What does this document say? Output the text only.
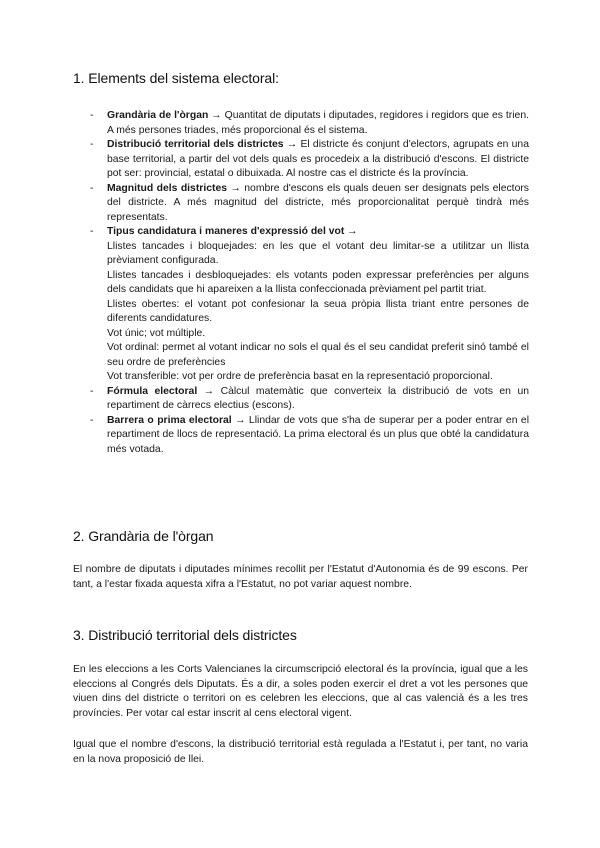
1. Elements del sistema electoral:
- Grandària de l'òrgan → Quantitat de diputats i diputades, regidores i regidors que es trien. A més persones triades, més proporcional és el sistema.
- Distribució territorial dels districtes → El districte és conjunt d'electors, agrupats en una base territorial, a partir del vot dels quals es procedeix a la distribució d'escons. El districte pot ser: provincial, estatal o dibuixada. Al nostre cas el districte és la província.
- Magnitud dels districtes → nombre d'escons els quals deuen ser designats pels electors del districte. A més magnitud del districte, més proporcionalitat perquè tindrà més representats.
- Tipus candidatura i maneres d'expressió del vot →
Llistes tancades i bloquejades: en les que el votant deu limitar-se a utilitzar un llista prèviament configurada.
Llistes tancades i desbloquejades: els votants poden expressar preferències per alguns dels candidats que hi apareixen a la llista confeccionada prèviament pel partit triat.
Llistes obertes: el votant pot confesionar la seua pròpia llista triant entre persones de diferents candidatures.
Vot únic; vot múltiple.
Vot ordinal: permet al votant indicar no sols el qual és el seu candidat preferit sinó també el seu ordre de preferències
Vot transferible: vot per ordre de preferència basat en la representació proporcional.
- Fórmula electoral → Càlcul matemàtic que converteix la distribució de vots en un repartiment de càrrecs electius (escons).
- Barrera o prima electoral → Llindar de vots que s'ha de superar per a poder entrar en el repartiment de llocs de representació. La prima electoral és un plus que obté la candidatura més votada.
2. Grandària de l'òrgan

El nombre de diputats i diputades mínimes recollit per l'Estatut d'Autonomia és de 99 escons. Per tant, a l'estar fixada aquesta xifra a l'Estatut, no pot variar aquest nombre.

3. Distribució territorial dels districtes

En les eleccions a les Corts Valencianes la circumscripció electoral és la província, igual que a les eleccions al Congrés dels Diputats. És a dir, a soles poden exercir el dret a vot les persones que viuen dins del districte o territori on es celebren les eleccions, que al cas valencià és a les tres províncies. Per votar cal estar inscrit al cens electoral vigent.

Igual que el nombre d'escons, la distribució territorial està regulada a l'Estatut i, per tant, no varia en la nova proposició de llei.
